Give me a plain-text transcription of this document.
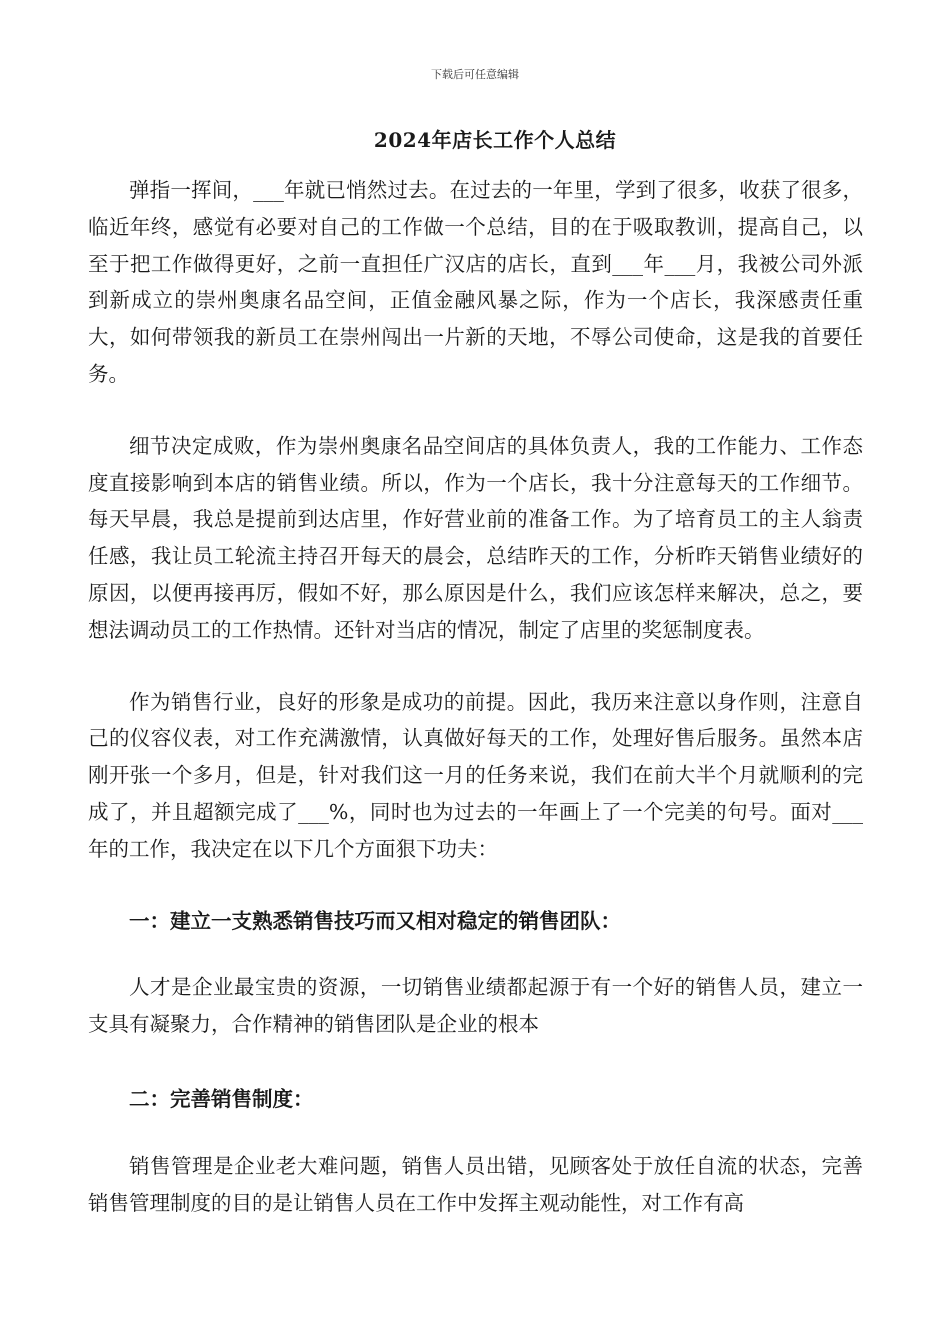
下载后可任意编辑
2024年店长工作个人总结

弹指一挥间，___年就已悄然过去。在过去的一年里，学到了很多，收获了很多，临近年终，感觉有必要对自己的工作做一个总结，目的在于吸取教训，提高自己，以至于把工作做得更好，之前一直担任广汉店的店长，直到___年___月，我被公司外派到新成立的崇州奥康名品空间，正值金融风暴之际，作为一个店长，我深感责任重大，如何带领我的新员工在崇州闯出一片新的天地，不辱公司使命，这是我的首要任务。

细节决定成败，作为崇州奥康名品空间店的具体负责人，我的工作能力、工作态度直接影响到本店的销售业绩。所以，作为一个店长，我十分注意每天的工作细节。每天早晨，我总是提前到达店里，作好营业前的准备工作。为了培育员工的主人翁责任感，我让员工轮流主持召开每天的晨会，总结昨天的工作，分析昨天销售业绩好的原因，以便再接再厉，假如不好，那么原因是什么，我们应该怎样来解决，总之，要想法调动员工的工作热情。还针对当店的情况，制定了店里的奖惩制度表。

作为销售行业，良好的形象是成功的前提。因此，我历来注意以身作则，注意自己的仪容仪表，对工作充满激情，认真做好每天的工作，处理好售后服务。虽然本店刚开张一个多月，但是，针对我们这一月的任务来说，我们在前大半个月就顺利的完成了，并且超额完成了___%，同时也为过去的一年画上了一个完美的句号。面对___年的工作，我决定在以下几个方面狠下功夫：

一：建立一支熟悉销售技巧而又相对稳定的销售团队：

人才是企业最宝贵的资源，一切销售业绩都起源于有一个好的销售人员，建立一支具有凝聚力，合作精神的销售团队是企业的根本

二：完善销售制度：

销售管理是企业老大难问题，销售人员出错，见顾客处于放任自流的状态，完善销售管理制度的目的是让销售人员在工作中发挥主观动能性，对工作有高
